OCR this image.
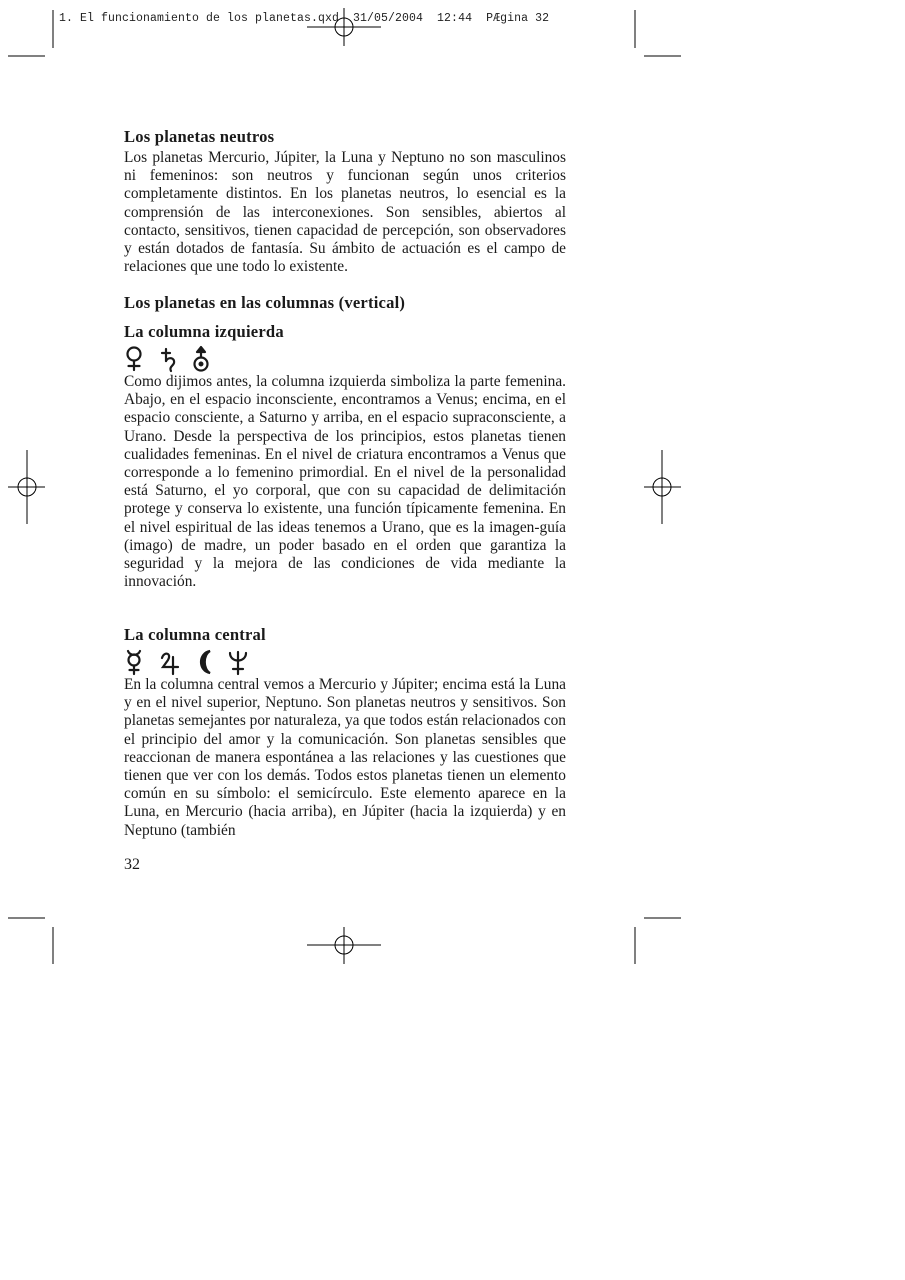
1. El funcionamiento de los planetas.qxd  31/05/2004  12:44  PÆgina 32
Los planetas neutros

Los planetas Mercurio, Júpiter, la Luna y Neptuno no son masculinos ni femeninos: son neutros y funcionan según unos criterios completamente distintos. En los planetas neutros, lo esencial es la comprensión de las interconexiones. Son sensibles, abiertos al contacto, sensitivos, tienen capacidad de percepción, son observadores y están dotados de fantasía. Su ámbito de actuación es el campo de relaciones que une todo lo existente.

Los planetas en las columnas (vertical)
La columna izquierda

Como dijimos antes, la columna izquierda simboliza la parte femenina. Abajo, en el espacio inconsciente, encontramos a Venus; encima, en el espacio consciente, a Saturno y arriba, en el espacio supraconsciente, a Urano. Desde la perspectiva de los principios, estos planetas tienen cualidades femeninas. En el nivel de criatura encontramos a Venus que corresponde a lo femenino primordial. En el nivel de la personalidad está Saturno, el yo corporal, que con su capacidad de delimitación protege y conserva lo existente, una función típicamente femenina. En el nivel espiritual de las ideas tenemos a Urano, que es la imagen-guía (imago) de madre, un poder basado en el orden que garantiza la seguridad y la mejora de las condiciones de vida mediante la innovación.

La columna central

En la columna central vemos a Mercurio y Júpiter; encima está la Luna y en el nivel superior, Neptuno. Son planetas neutros y sensitivos. Son planetas semejantes por naturaleza, ya que todos están relacionados con el principio del amor y la comunicación. Son planetas sensibles que reaccionan de manera espontánea a las relaciones y las cuestiones que tienen que ver con los demás. Todos estos planetas tienen un elemento común en su símbolo: el semicírculo. Este elemento aparece en la Luna, en Mercurio (hacia arriba), en Júpiter (hacia la izquierda) y en Neptuno (también

32
